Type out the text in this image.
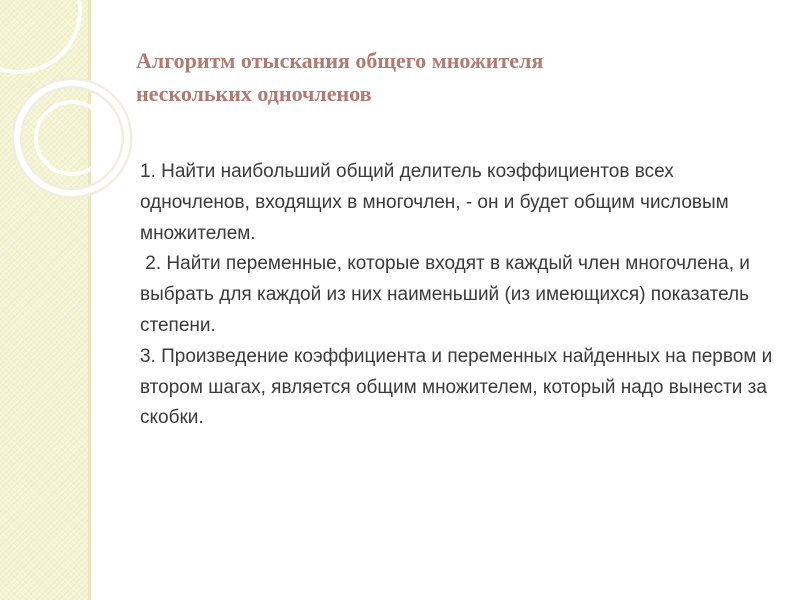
Алгоритм отыскания общего множителя
нескольких одночленов

1. Найти наибольший общий делитель коэффициентов всех одночленов, входящих в многочлен, - он и будет общим числовым множителем.

2. Найти переменные, которые входят в каждый член многочлена, и выбрать для каждой из них наименьший (из имеющихся) показатель степени.

3. Произведение коэффициента и переменных найденных на первом и втором шагах, является общим множителем, который надо вынести за скобки.
